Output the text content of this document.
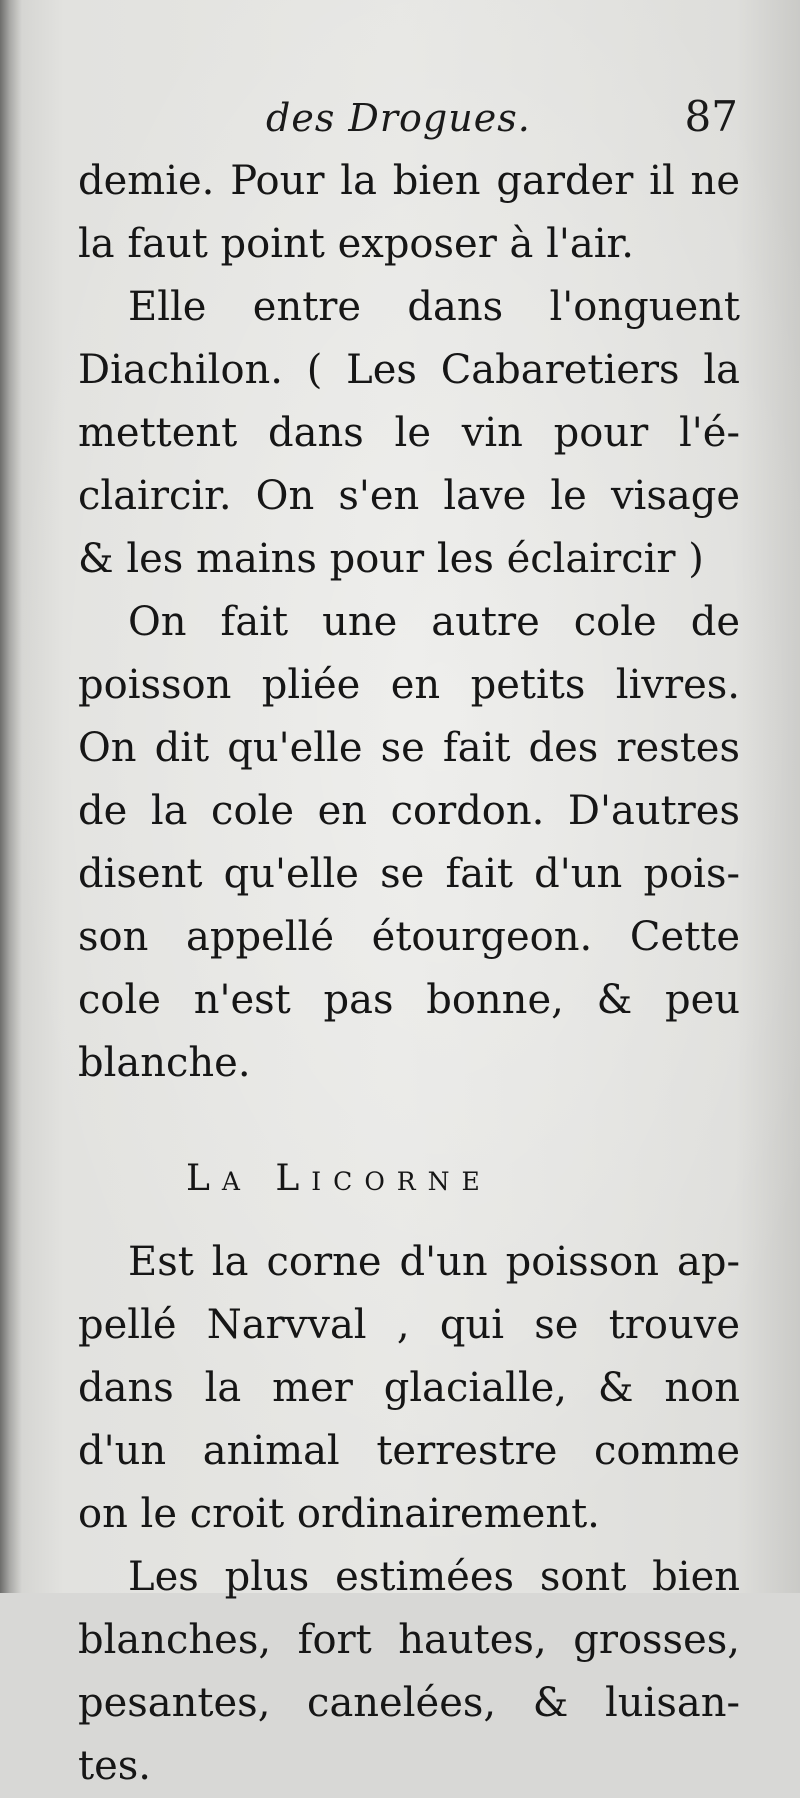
des Drogues.	87
demie. Pour la bien garder il ne
la faut point exposer à l'air.
Elle entre dans l'onguent
Diachilon. ( Les Cabaretiers la
mettent dans le vin pour l'é-
claircir. On s'en lave le visage
& les mains pour les éclaircir )
On fait une autre cole de
poisson pliée en petits livres.
On dit qu'elle se fait des restes
de la cole en cordon. D'autres
disent qu'elle se fait d'un pois-
son appellé étourgeon. Cette
cole n'est pas bonne, & peu
blanche.
La Licorne
Est la corne d'un poisson ap-
pellé Narvval , qui se trouve
dans la mer glacialle, & non
d'un animal terrestre comme
on le croit ordinairement.
Les plus estimées sont bien
blanches, fort hautes, grosses,
pesantes, canelées, & luisan-
tes.
